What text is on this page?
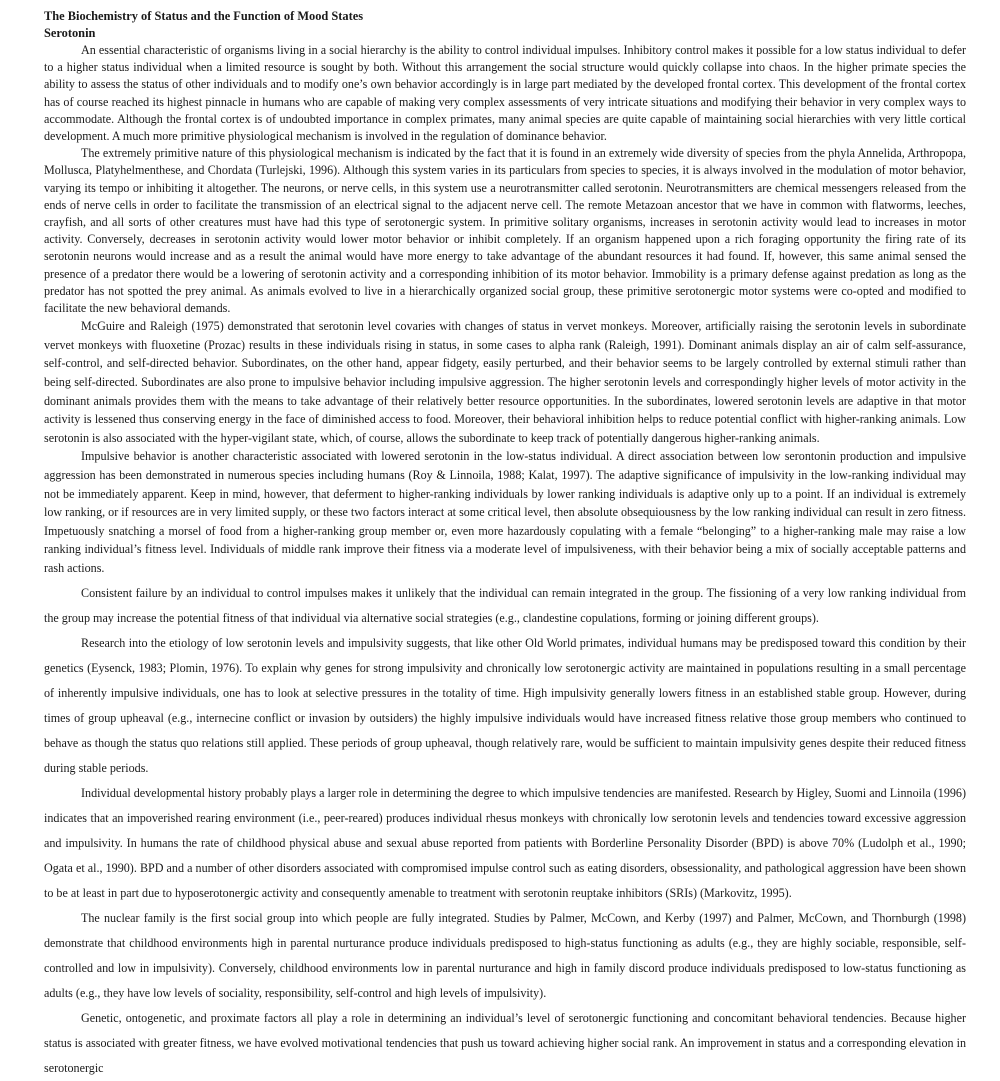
The Biochemistry of Status and the Function of Mood States
Serotonin

An essential characteristic of organisms living in a social hierarchy is the ability to control individual impulses. Inhibitory control makes it possible for a low status individual to defer to a higher status individual when a limited resource is sought by both. Without this arrangement the social structure would quickly collapse into chaos. In the higher primate species the ability to assess the status of other individuals and to modify one’s own behavior accordingly is in large part mediated by the developed frontal cortex. This development of the frontal cortex has of course reached its highest pinnacle in humans who are capable of making very complex assessments of very intricate situations and modifying their behavior in very complex ways to accommodate. Although the frontal cortex is of undoubted importance in complex primates, many animal species are quite capable of maintaining social hierarchies with very little cortical development. A much more primitive physiological mechanism is involved in the regulation of dominance behavior.

The extremely primitive nature of this physiological mechanism is indicated by the fact that it is found in an extremely wide diversity of species from the phyla Annelida, Arthropopa, Mollusca, Platyhelmenthese, and Chordata (Turlejski, 1996). Although this system varies in its particulars from species to species, it is always involved in the modulation of motor behavior, varying its tempo or inhibiting it altogether. The neurons, or nerve cells, in this system use a neurotransmitter called serotonin. Neurotransmitters are chemical messengers released from the ends of nerve cells in order to facilitate the transmission of an electrical signal to the adjacent nerve cell. The remote Metazoan ancestor that we have in common with flatworms, leeches, crayfish, and all sorts of other creatures must have had this type of serotonergic system. In primitive solitary organisms, increases in serotonin activity would lead to increases in motor activity. Conversely, decreases in serotonin activity would lower motor behavior or inhibit completely. If an organism happened upon a rich foraging opportunity the firing rate of its serotonin neurons would increase and as a result the animal would have more energy to take advantage of the abundant resources it had found. If, however, this same animal sensed the presence of a predator there would be a lowering of serotonin activity and a corresponding inhibition of its motor behavior. Immobility is a primary defense against predation as long as the predator has not spotted the prey animal. As animals evolved to live in a hierarchically organized social group, these primitive serotonergic motor systems were co-opted and modified to facilitate the new behavioral demands.

McGuire and Raleigh (1975) demonstrated that serotonin level covaries with changes of status in vervet monkeys. Moreover, artificially raising the serotonin levels in subordinate vervet monkeys with fluoxetine (Prozac) results in these individuals rising in status, in some cases to alpha rank (Raleigh, 1991). Dominant animals display an air of calm self-assurance, self-control, and self-directed behavior. Subordinates, on the other hand, appear fidgety, easily perturbed, and their behavior seems to be largely controlled by external stimuli rather than being self-directed. Subordinates are also prone to impulsive behavior including impulsive aggression. The higher serotonin levels and correspondingly higher levels of motor activity in the dominant animals provides them with the means to take advantage of their relatively better resource opportunities. In the subordinates, lowered serotonin levels are adaptive in that motor activity is lessened thus conserving energy in the face of diminished access to food. Moreover, their behavioral inhibition helps to reduce potential conflict with higher-ranking animals. Low serotonin is also associated with the hyper-vigilant state, which, of course, allows the subordinate to keep track of potentially dangerous higher-ranking animals.

Impulsive behavior is another characteristic associated with lowered serotonin in the low-status individual. A direct association between low serontonin production and impulsive aggression has been demonstrated in numerous species including humans (Roy & Linnoila, 1988; Kalat, 1997). The adaptive significance of impulsivity in the low-ranking individual may not be immediately apparent. Keep in mind, however, that deferment to higher-ranking individuals by lower ranking individuals is adaptive only up to a point. If an individual is extremely low ranking, or if resources are in very limited supply, or these two factors interact at some critical level, then absolute obsequiousness by the low ranking individual can result in zero fitness. Impetuously snatching a morsel of food from a higher-ranking group member or, even more hazardously copulating with a female “belonging” to a higher-ranking male may raise a low ranking individual’s fitness level. Individuals of middle rank improve their fitness via a moderate level of impulsiveness, with their behavior being a mix of socially acceptable patterns and rash actions.

Consistent failure by an individual to control impulses makes it unlikely that the individual can remain integrated in the group. The fissioning of a very low ranking individual from the group may increase the potential fitness of that individual via alternative social strategies (e.g., clandestine copulations, forming or joining different groups).

Research into the etiology of low serotonin levels and impulsivity suggests, that like other Old World primates, individual humans may be predisposed toward this condition by their genetics (Eysenck, 1983; Plomin, 1976). To explain why genes for strong impulsivity and chronically low serotonergic activity are maintained in populations resulting in a small percentage of inherently impulsive individuals, one has to look at selective pressures in the totality of time. High impulsivity generally lowers fitness in an established stable group. However, during times of group upheaval (e.g., internecine conflict or invasion by outsiders) the highly impulsive individuals would have increased fitness relative those group members who continued to behave as though the status quo relations still applied. These periods of group upheaval, though relatively rare, would be sufficient to maintain impulsivity genes despite their reduced fitness during stable periods.

Individual developmental history probably plays a larger role in determining the degree to which impulsive tendencies are manifested. Research by Higley, Suomi and Linnoila (1996) indicates that an impoverished rearing environment (i.e., peer-reared) produces individual rhesus monkeys with chronically low serotonin levels and tendencies toward excessive aggression and impulsivity. In humans the rate of childhood physical abuse and sexual abuse reported from patients with Borderline Personality Disorder (BPD) is above 70% (Ludolph et al., 1990; Ogata et al., 1990). BPD and a number of other disorders associated with compromised impulse control such as eating disorders, obsessionality, and pathological aggression have been shown to be at least in part due to hyposerotonergic activity and consequently amenable to treatment with serotonin reuptake inhibitors (SRIs) (Markovitz, 1995).

The nuclear family is the first social group into which people are fully integrated. Studies by Palmer, McCown, and Kerby (1997) and Palmer, McCown, and Thornburgh (1998) demonstrate that childhood environments high in parental nurturance produce individuals predisposed to high-status functioning as adults (e.g., they are highly sociable, responsible, self-controlled and low in impulsivity). Conversely, childhood environments low in parental nurturance and high in family discord produce individuals predisposed to low-status functioning as adults (e.g., they have low levels of sociality, responsibility, self-control and high levels of impulsivity).

Genetic, ontogenetic, and proximate factors all play a role in determining an individual’s level of serotonergic functioning and concomitant behavioral tendencies. Because higher status is associated with greater fitness, we have evolved motivational tendencies that push us toward achieving higher social rank. An improvement in status and a corresponding elevation in serotonergic
